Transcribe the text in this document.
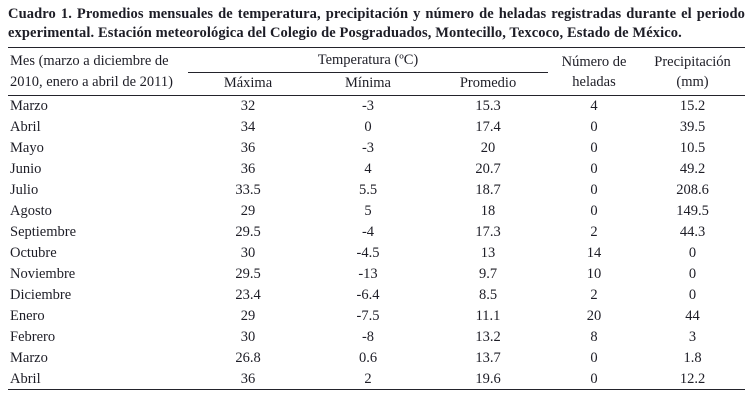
Cuadro 1. Promedios mensuales de temperatura, precipitación y número de heladas registradas durante el periodo experimental. Estación meteorológica del Colegio de Posgraduados, Montecillo, Texcoco, Estado de México.

Mes (marzo a diciembre de 2010, enero a abril de 2011)	Temperatura (ºC)			Número de heladas	Precipitación (mm)
	Máxima	Mínima	Promedio		
Marzo	32	-3	15.3	4	15.2
Abril	34	0	17.4	0	39.5
Mayo	36	-3	20	0	10.5
Junio	36	4	20.7	0	49.2
Julio	33.5	5.5	18.7	0	208.6
Agosto	29	5	18	0	149.5
Septiembre	29.5	-4	17.3	2	44.3
Octubre	30	-4.5	13	14	0
Noviembre	29.5	-13	9.7	10	0
Diciembre	23.4	-6.4	8.5	2	0
Enero	29	-7.5	11.1	20	44
Febrero	30	-8	13.2	8	3
Marzo	26.8	0.6	13.7	0	1.8
Abril	36	2	19.6	0	12.2
